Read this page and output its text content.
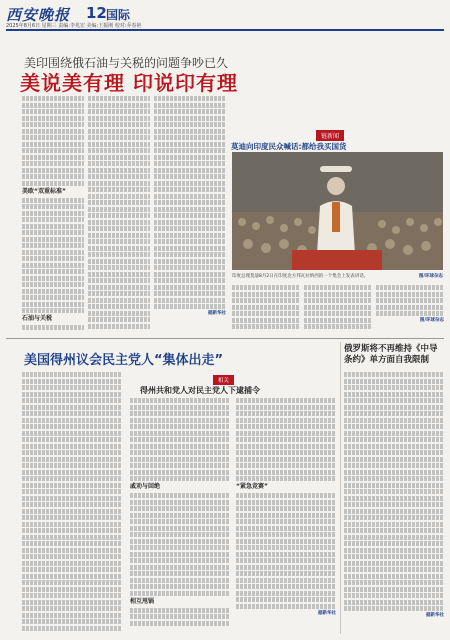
西安晚报 12 国际
2025年8月6日 星期三 责编:李兆宏 美编:王振刚 校对:乔春艳
美印围绕俄石油与关税的问题争吵已久
美说美有理 印说印有理
美欧“双重标准”
石油与关税
据新华社
链新闻
莫迪向印度民众喊话:都给我买国货
印度总理莫迪8月2日在印度北方邦瓦拉纳西的一个集会上发表讲话。	图/环球杂志
图/环球杂志
美国得州议会民主党人“集体出走”
相关
得州共和党人对民主党人下逮捕令
戚劝与回绝
相互甩锅
“紧急竞赛”
据新华社
俄罗斯将不再维持《中导条约》单方面自我限制
据新华社
